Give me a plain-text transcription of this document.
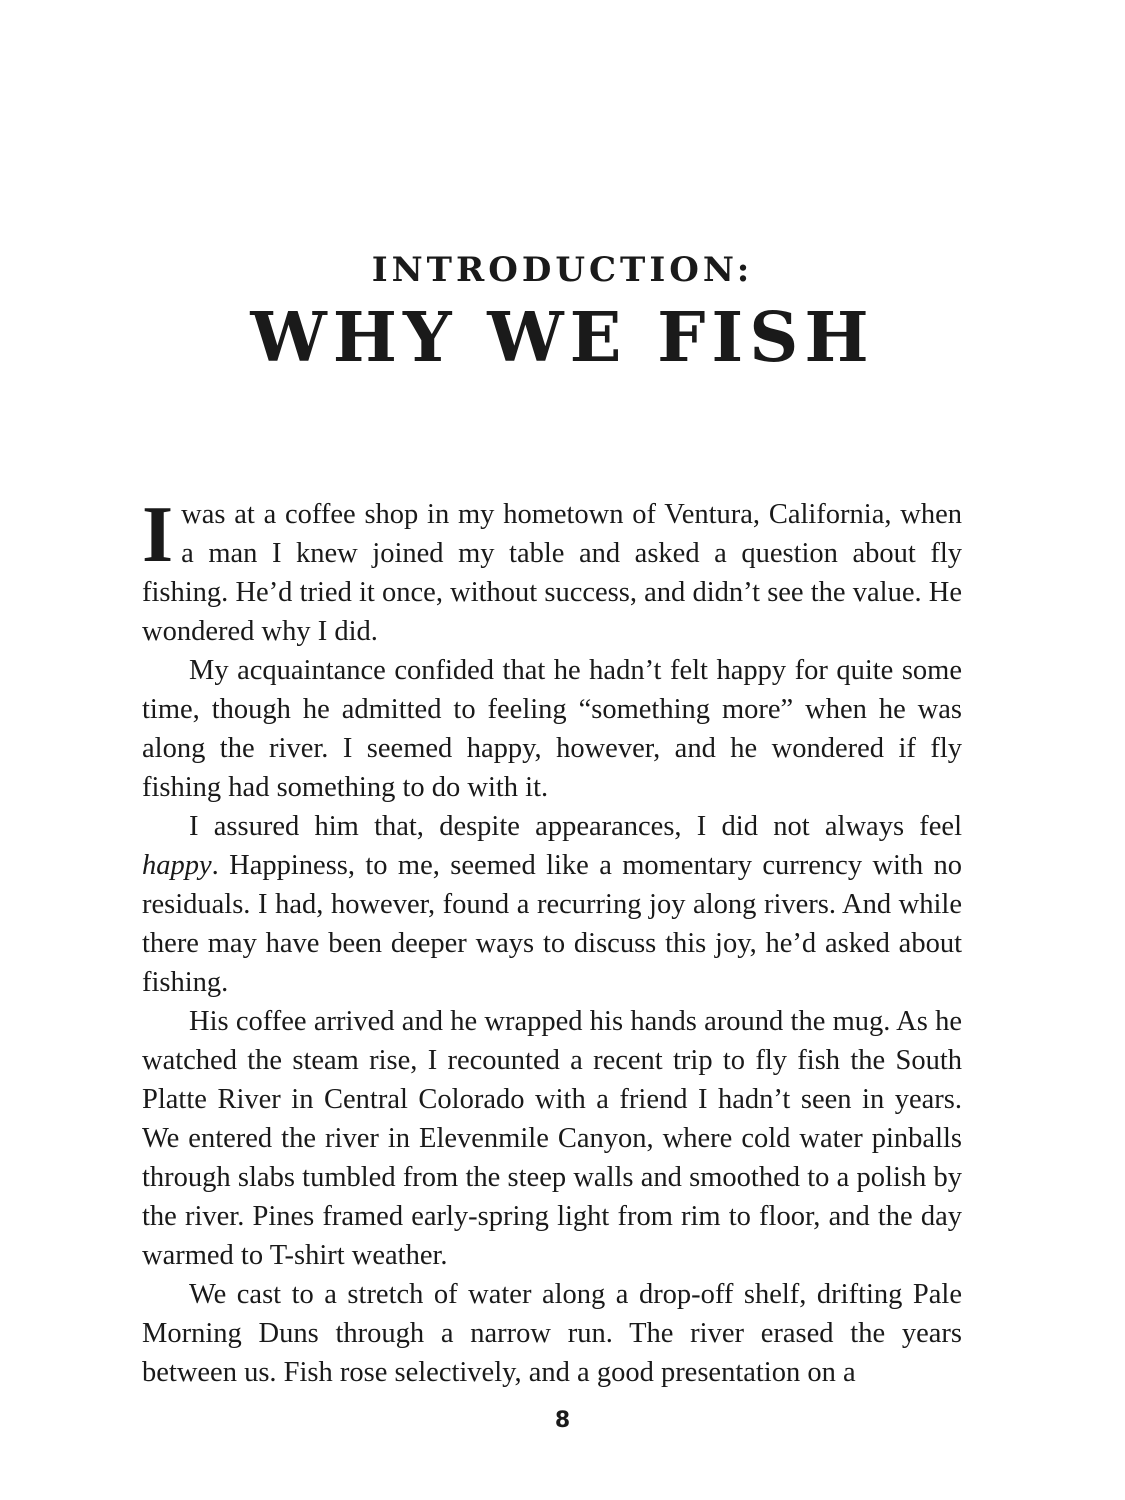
INTRODUCTION:
WHY WE FISH

I was at a coffee shop in my hometown of Ventura, California, when a man I knew joined my table and asked a question about fly fishing. He’d tried it once, without success, and didn’t see the value. He wondered why I did.

My acquaintance confided that he hadn’t felt happy for quite some time, though he admitted to feeling “something more” when he was along the river. I seemed happy, however, and he wondered if fly fishing had something to do with it.

I assured him that, despite appearances, I did not always feel happy. Happiness, to me, seemed like a momentary currency with no residuals. I had, however, found a recurring joy along rivers. And while there may have been deeper ways to discuss this joy, he’d asked about fishing.

His coffee arrived and he wrapped his hands around the mug. As he watched the steam rise, I recounted a recent trip to fly fish the South Platte River in Central Colorado with a friend I hadn’t seen in years. We entered the river in Elevenmile Canyon, where cold water pinballs through slabs tumbled from the steep walls and smoothed to a polish by the river. Pines framed early-spring light from rim to floor, and the day warmed to T-shirt weather.

We cast to a stretch of water along a drop-off shelf, drifting Pale Morning Duns through a narrow run. The river erased the years between us. Fish rose selectively, and a good presentation on a

8
